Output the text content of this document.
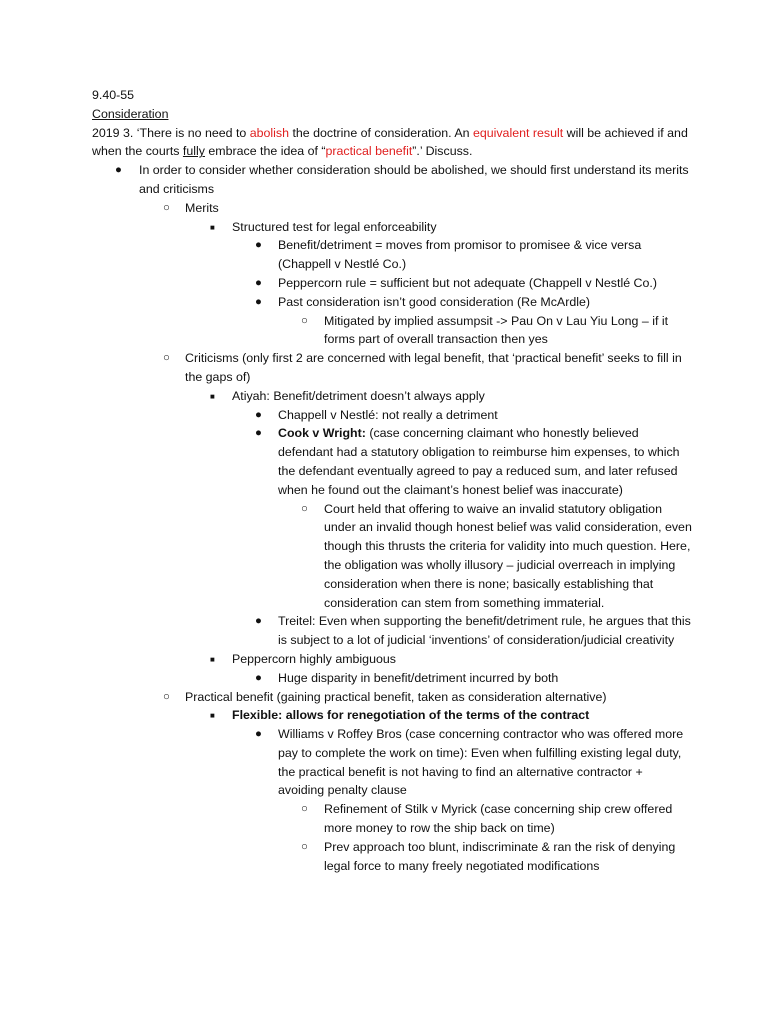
9.40-55

Consideration

2019 3. ‘There is no need to abolish the doctrine of consideration. An equivalent result will be achieved if and when the courts fully embrace the idea of “practical benefit”.’ Discuss.

● In order to consider whether consideration should be abolished, we should first understand its merits and criticisms
○ Merits
■ Structured test for legal enforceability
● Benefit/detriment = moves from promisor to promisee & vice versa (Chappell v Nestlé Co.)
● Peppercorn rule = sufficient but not adequate (Chappell v Nestlé Co.)
● Past consideration isn’t good consideration (Re McArdle)
○ Mitigated by implied assumpsit -> Pau On v Lau Yiu Long – if it forms part of overall transaction then yes
○ Criticisms (only first 2 are concerned with legal benefit, that ‘practical benefit’ seeks to fill in the gaps of)
■ Atiyah: Benefit/detriment doesn’t always apply
● Chappell v Nestlé: not really a detriment
● Cook v Wright: (case concerning claimant who honestly believed defendant had a statutory obligation to reimburse him expenses, to which the defendant eventually agreed to pay a reduced sum, and later refused when he found out the claimant’s honest belief was inaccurate)
○ Court held that offering to waive an invalid statutory obligation under an invalid though honest belief was valid consideration, even though this thrusts the criteria for validity into much question. Here, the obligation was wholly illusory – judicial overreach in implying consideration when there is none; basically establishing that consideration can stem from something immaterial.
● Treitel: Even when supporting the benefit/detriment rule, he argues that this is subject to a lot of judicial ‘inventions’ of consideration/judicial creativity
■ Peppercorn highly ambiguous
● Huge disparity in benefit/detriment incurred by both
○ Practical benefit (gaining practical benefit, taken as consideration alternative)
■ Flexible: allows for renegotiation of the terms of the contract
● Williams v Roffey Bros (case concerning contractor who was offered more pay to complete the work on time): Even when fulfilling existing legal duty, the practical benefit is not having to find an alternative contractor + avoiding penalty clause
○ Refinement of Stilk v Myrick (case concerning ship crew offered more money to row the ship back on time)
○ Prev approach too blunt, indiscriminate & ran the risk of denying legal force to many freely negotiated modifications
